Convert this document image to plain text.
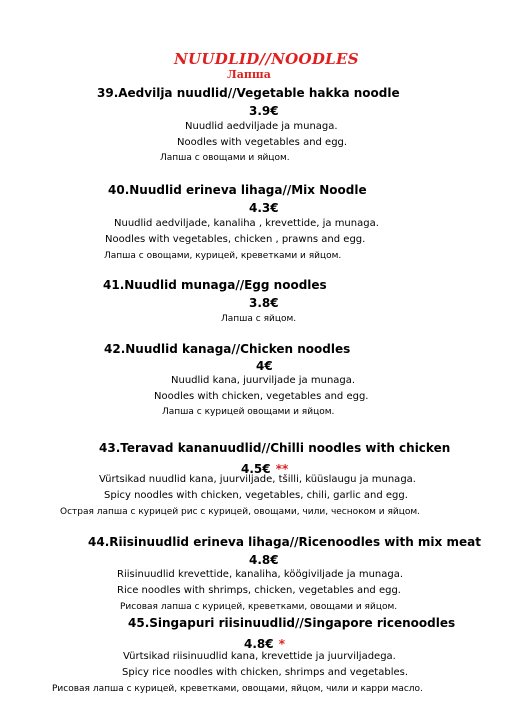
NUUDLID//NOODLES
Лапша
39.Aedvilja nuudlid//Vegetable hakka noodle
3.9€
Nuudlid aedviljade ja munaga.
Noodles with vegetables and egg.
Лапша с овощами и яйцом.
40.Nuudlid erineva lihaga//Mix Noodle
4.3€
Nuudlid aedviljade, kanaliha , krevettide, ja munaga.
Noodles with vegetables, chicken , prawns and egg.
Лапша с овощами, курицей, креветками и яйцом.
41.Nuudlid munaga//Egg noodles
3.8€
Лапша с яйцом.
42.Nuudlid kanaga//Chicken noodles
4€
Nuudlid kana, juurviljade ja munaga.
Noodles with chicken, vegetables and egg.
Лапша с курицей овощами и яйцом.
43.Teravad kananuudlid//Chilli noodles with chicken
4.5€ **
Vürtsikad nuudlid kana, juurviljade, tšilli, küüslaugu ja munaga.
Spicy noodles with chicken, vegetables, chili, garlic and egg.
Острая лапша с курицей рис с курицей, овощами, чили, чесноком и яйцом.
44.Riisinuudlid erineva lihaga//Ricenoodles with mix meat
4.8€
Riisinuudlid krevettide, kanaliha, köögiviljade ja munaga.
Rice noodles with shrimps, chicken, vegetables and egg.
Рисовая лапша с курицей, креветками, овощами и яйцом.
45.Singapuri riisinuudlid//Singapore ricenoodles
4.8€ *
Vürtsikad riisinuudlid kana, krevettide ja juurviljadega.
Spicy rice noodles with chicken, shrimps and vegetables.
Рисовая лапша с курицей, креветками, овощами, яйцом, чили и карри масло.
